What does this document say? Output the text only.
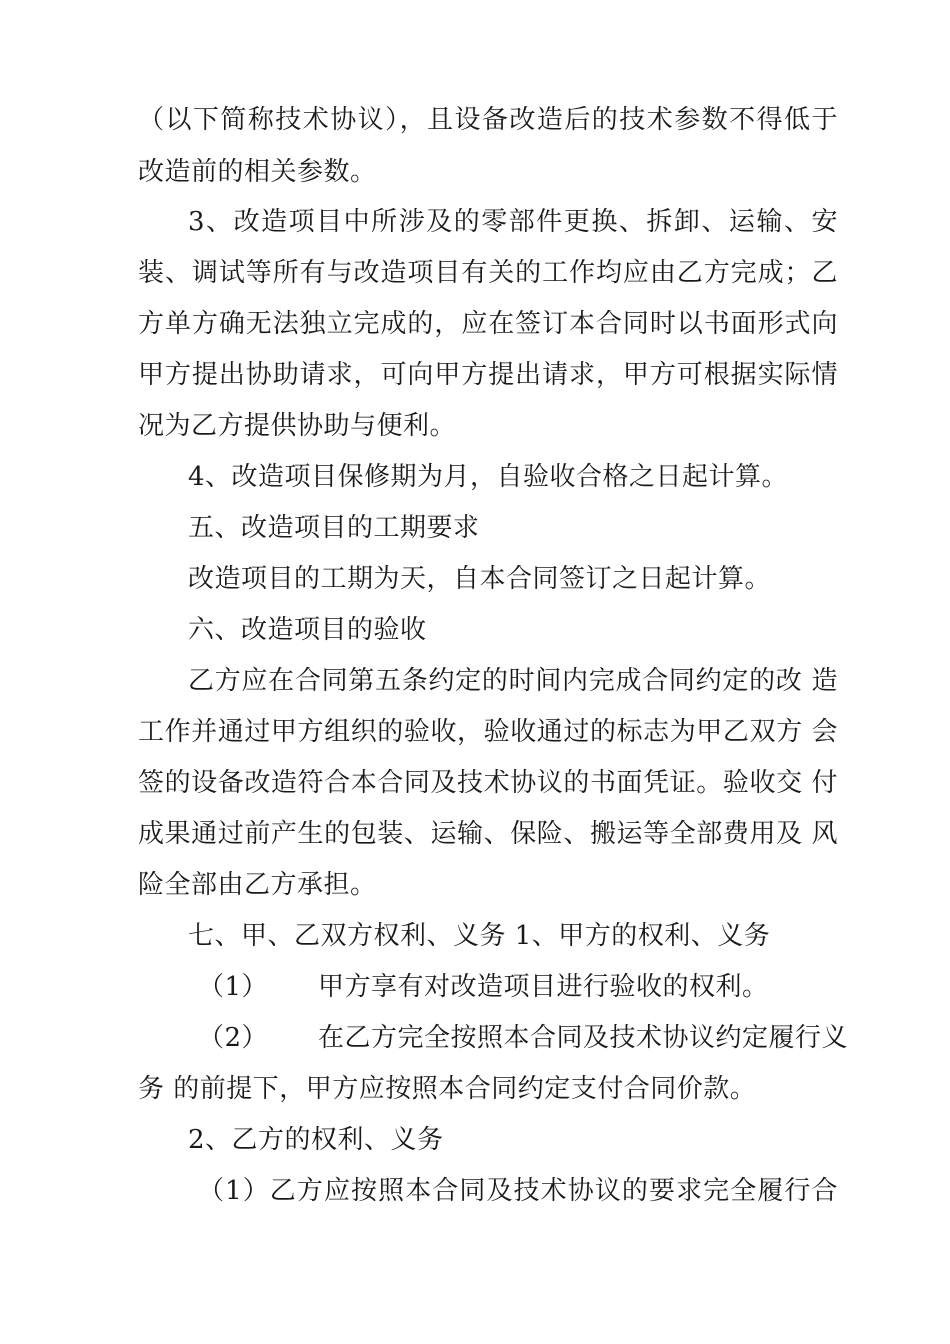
（以下简称技术协议），且设备改造后的技术参数不得低于
改造前的相关参数。
3、改造项目中所涉及的零部件更换、拆卸、运输、安
装、调试等所有与改造项目有关的工作均应由乙方完成；乙
方单方确无法独立完成的，应在签订本合同时以书面形式向
甲方提出协助请求，可向甲方提出请求，甲方可根据实际情
况为乙方提供协助与便利。
4、改造项目保修期为月，自验收合格之日起计算。
五、改造项目的工期要求
改造项目的工期为天，自本合同签订之日起计算。
六、改造项目的验收
乙方应在合同第五条约定的时间内完成合同约定的改 造
工作并通过甲方组织的验收，验收通过的标志为甲乙双方 会
签的设备改造符合本合同及技术协议的书面凭证。验收交 付
成果通过前产生的包装、运输、保险、搬运等全部费用及 风
险全部由乙方承担。
七、甲、乙双方权利、义务 1、甲方的权利、义务
（1） 甲方享有对改造项目进行验收的权利。
（2） 在乙方完全按照本合同及技术协议约定履行义
务 的前提下，甲方应按照本合同约定支付合同价款。
2、乙方的权利、义务
（1）乙方应按照本合同及技术协议的要求完全履行合
